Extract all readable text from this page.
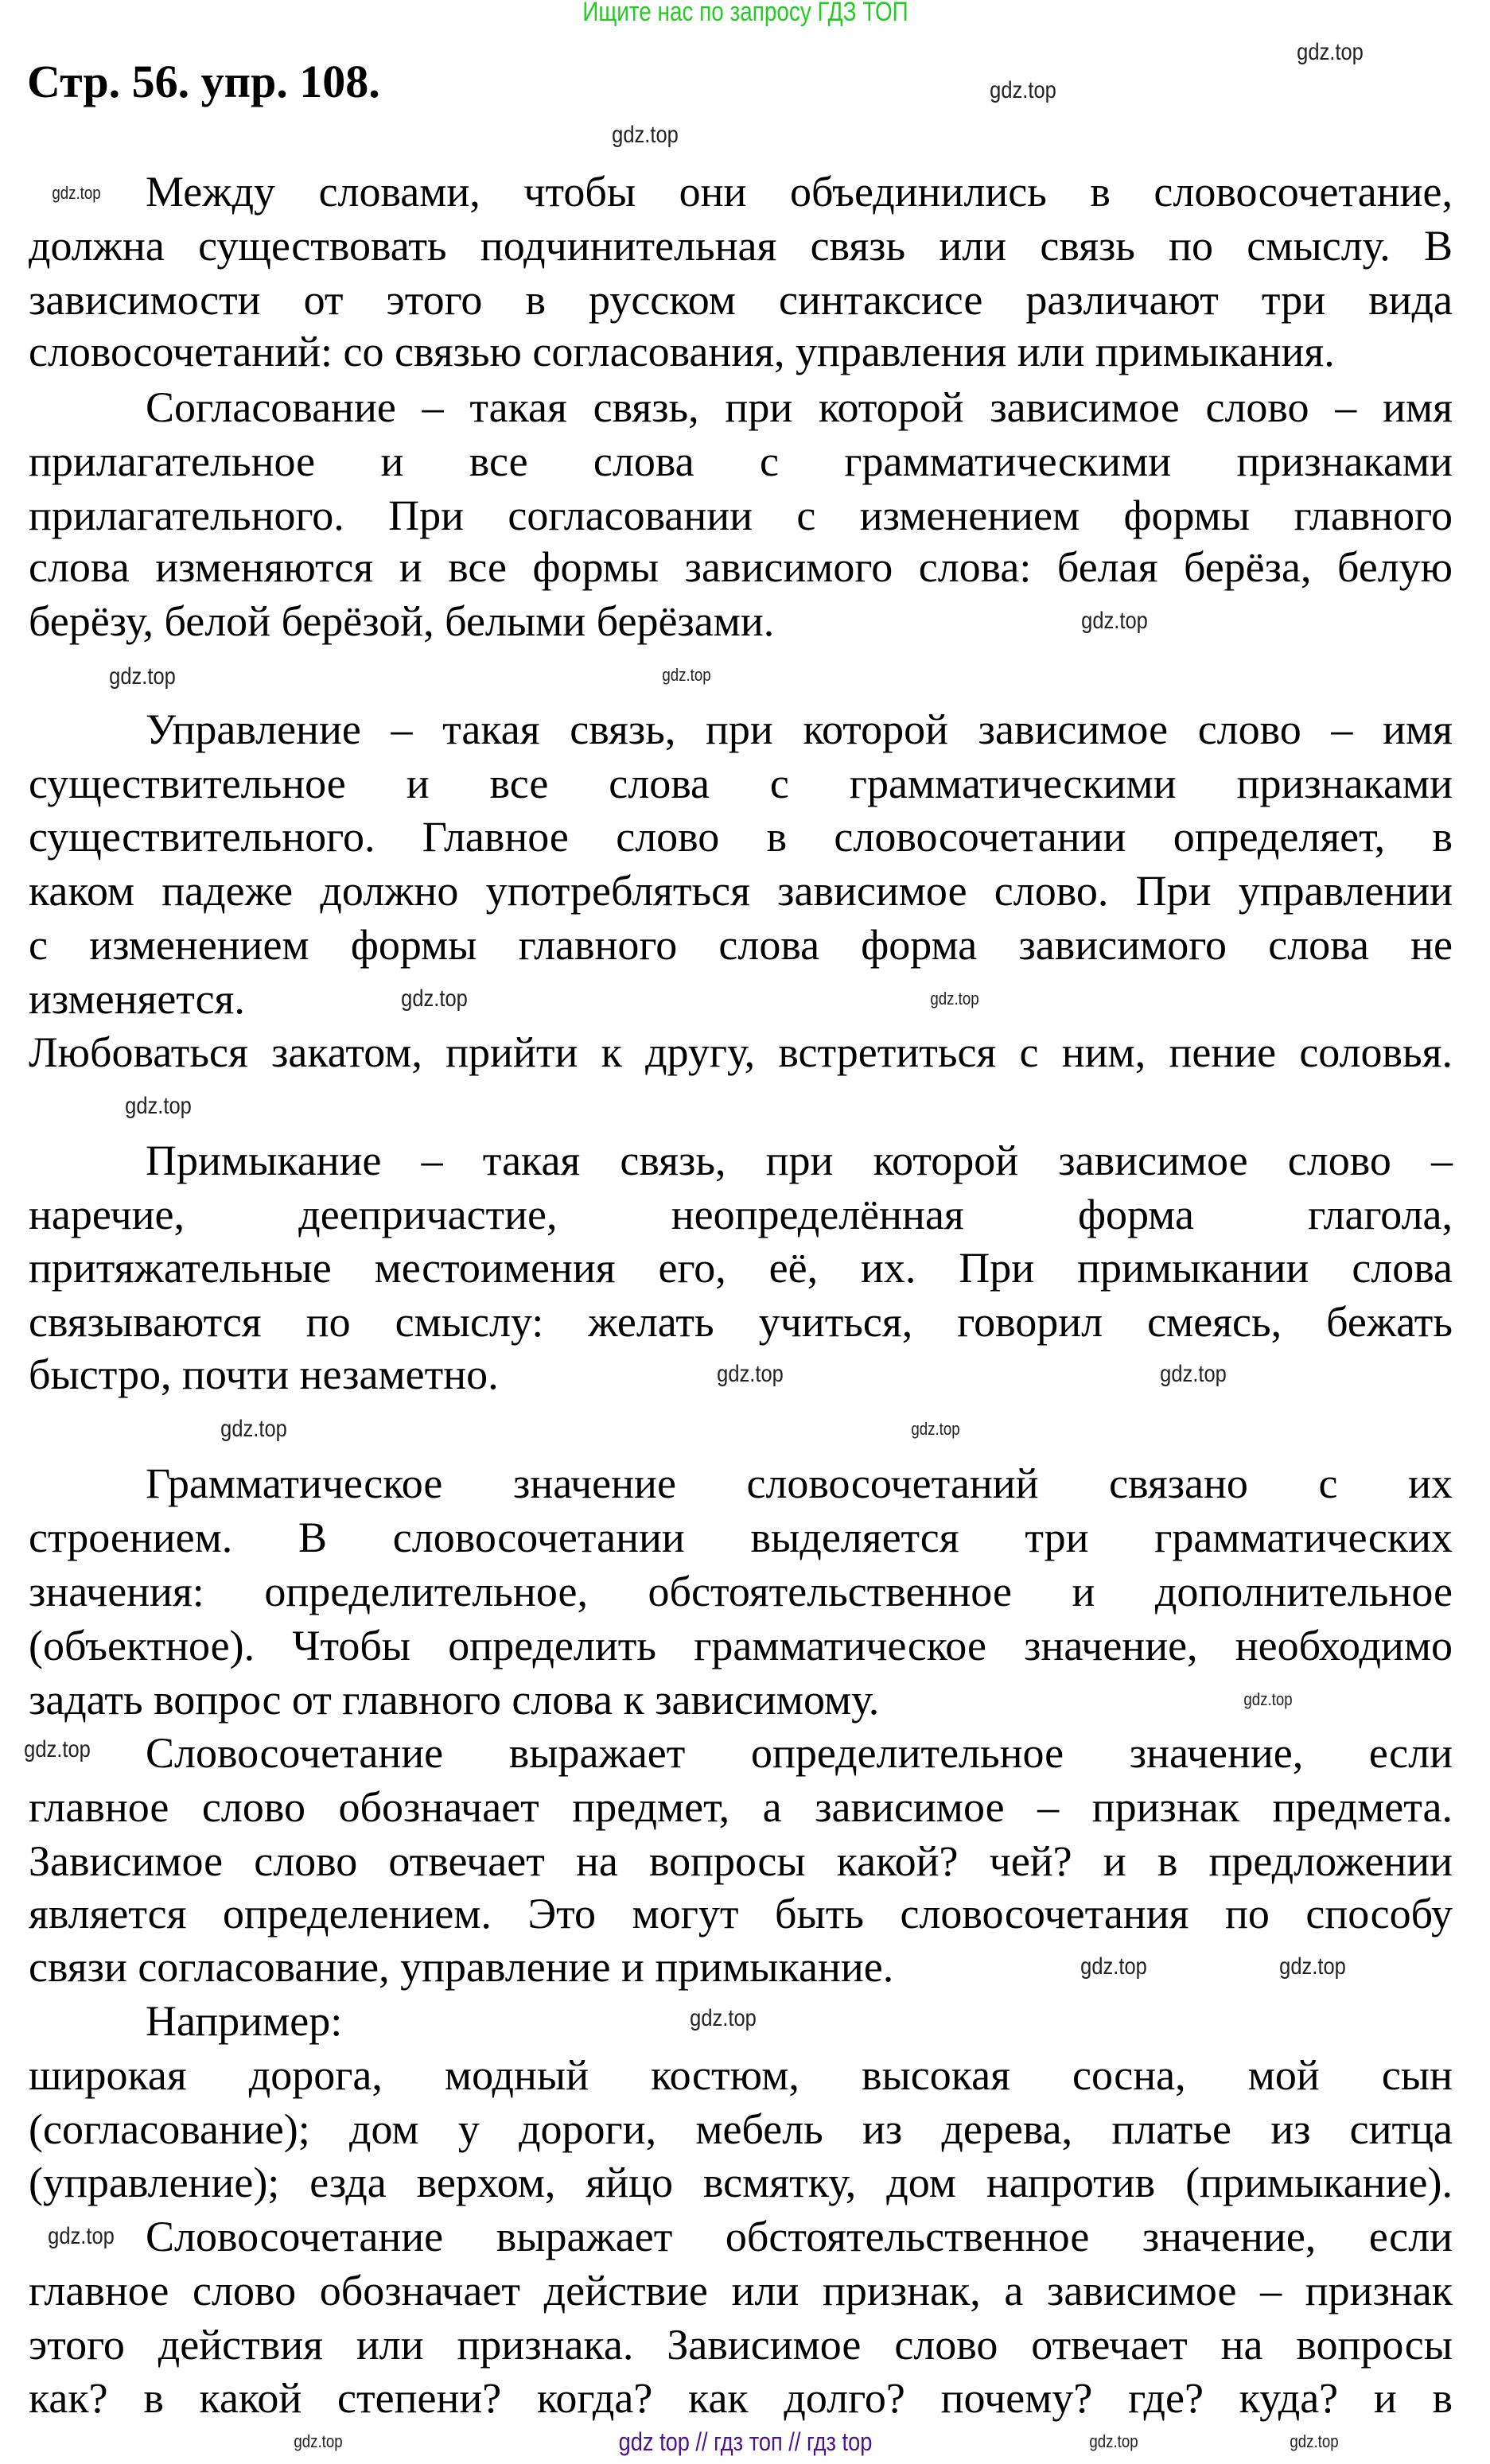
Ищите нас по запросу ГДЗ ТОП
Стр. 56. упр. 108.
Между словами, чтобы они объединились в словосочетание,
должна существовать подчинительная связь или связь по смыслу. В
зависимости от этого в русском синтаксисе различают три вида
словосочетаний: со связью согласования, управления или примыкания.
Согласование – такая связь, при которой зависимое слово – имя
прилагательное и все слова с грамматическими признаками
прилагательного. При согласовании с изменением формы главного
слова изменяются и все формы зависимого слова: белая берёза, белую
берёзу, белой берёзой, белыми берёзами.
Управление – такая связь, при которой зависимое слово – имя
существительное и все слова с грамматическими признаками
существительного. Главное слово в словосочетании определяет, в
каком падеже должно употребляться зависимое слово. При управлении
с изменением формы главного слова форма зависимого слова не
изменяется.
Любоваться закатом, прийти к другу, встретиться с ним, пение соловья.
Примыкание – такая связь, при которой зависимое слово –
наречие, деепричастие, неопределённая форма глагола,
притяжательные местоимения его, её, их. При примыкании слова
связываются по смыслу: желать учиться, говорил смеясь, бежать
быстро, почти незаметно.
Грамматическое значение словосочетаний связано с их
строением. В словосочетании выделяется три грамматических
значения: определительное, обстоятельственное и дополнительное
(объектное). Чтобы определить грамматическое значение, необходимо
задать вопрос от главного слова к зависимому.
Словосочетание выражает определительное значение, если
главное слово обозначает предмет, а зависимое – признак предмета.
Зависимое слово отвечает на вопросы какой? чей? и в предложении
является определением. Это могут быть словосочетания по способу
связи согласование, управление и примыкание.
Например:
широкая дорога, модный костюм, высокая сосна, мой сын
(согласование); дом у дороги, мебель из дерева, платье из ситца
(управление); езда верхом, яйцо всмятку, дом напротив (примыкание).
Словосочетание выражает обстоятельственное значение, если
главное слово обозначает действие или признак, а зависимое – признак
этого действия или признака. Зависимое слово отвечает на вопросы
как? в какой степени? когда? как долго? почему? где? куда? и в
gdz.top
gdz.top
gdz.top
gdz.top
gdz.top
gdz.top
gdz.top
gdz.top
gdz.top
gdz.top
gdz.top
gdz.top
gdz.top
gdz.top
gdz.top
gdz.top
gdz.top
gdz.top
gdz.top
gdz.top
gdz.top	gdz.top	gdz.top
gdz top // гдз топ // гдз top
